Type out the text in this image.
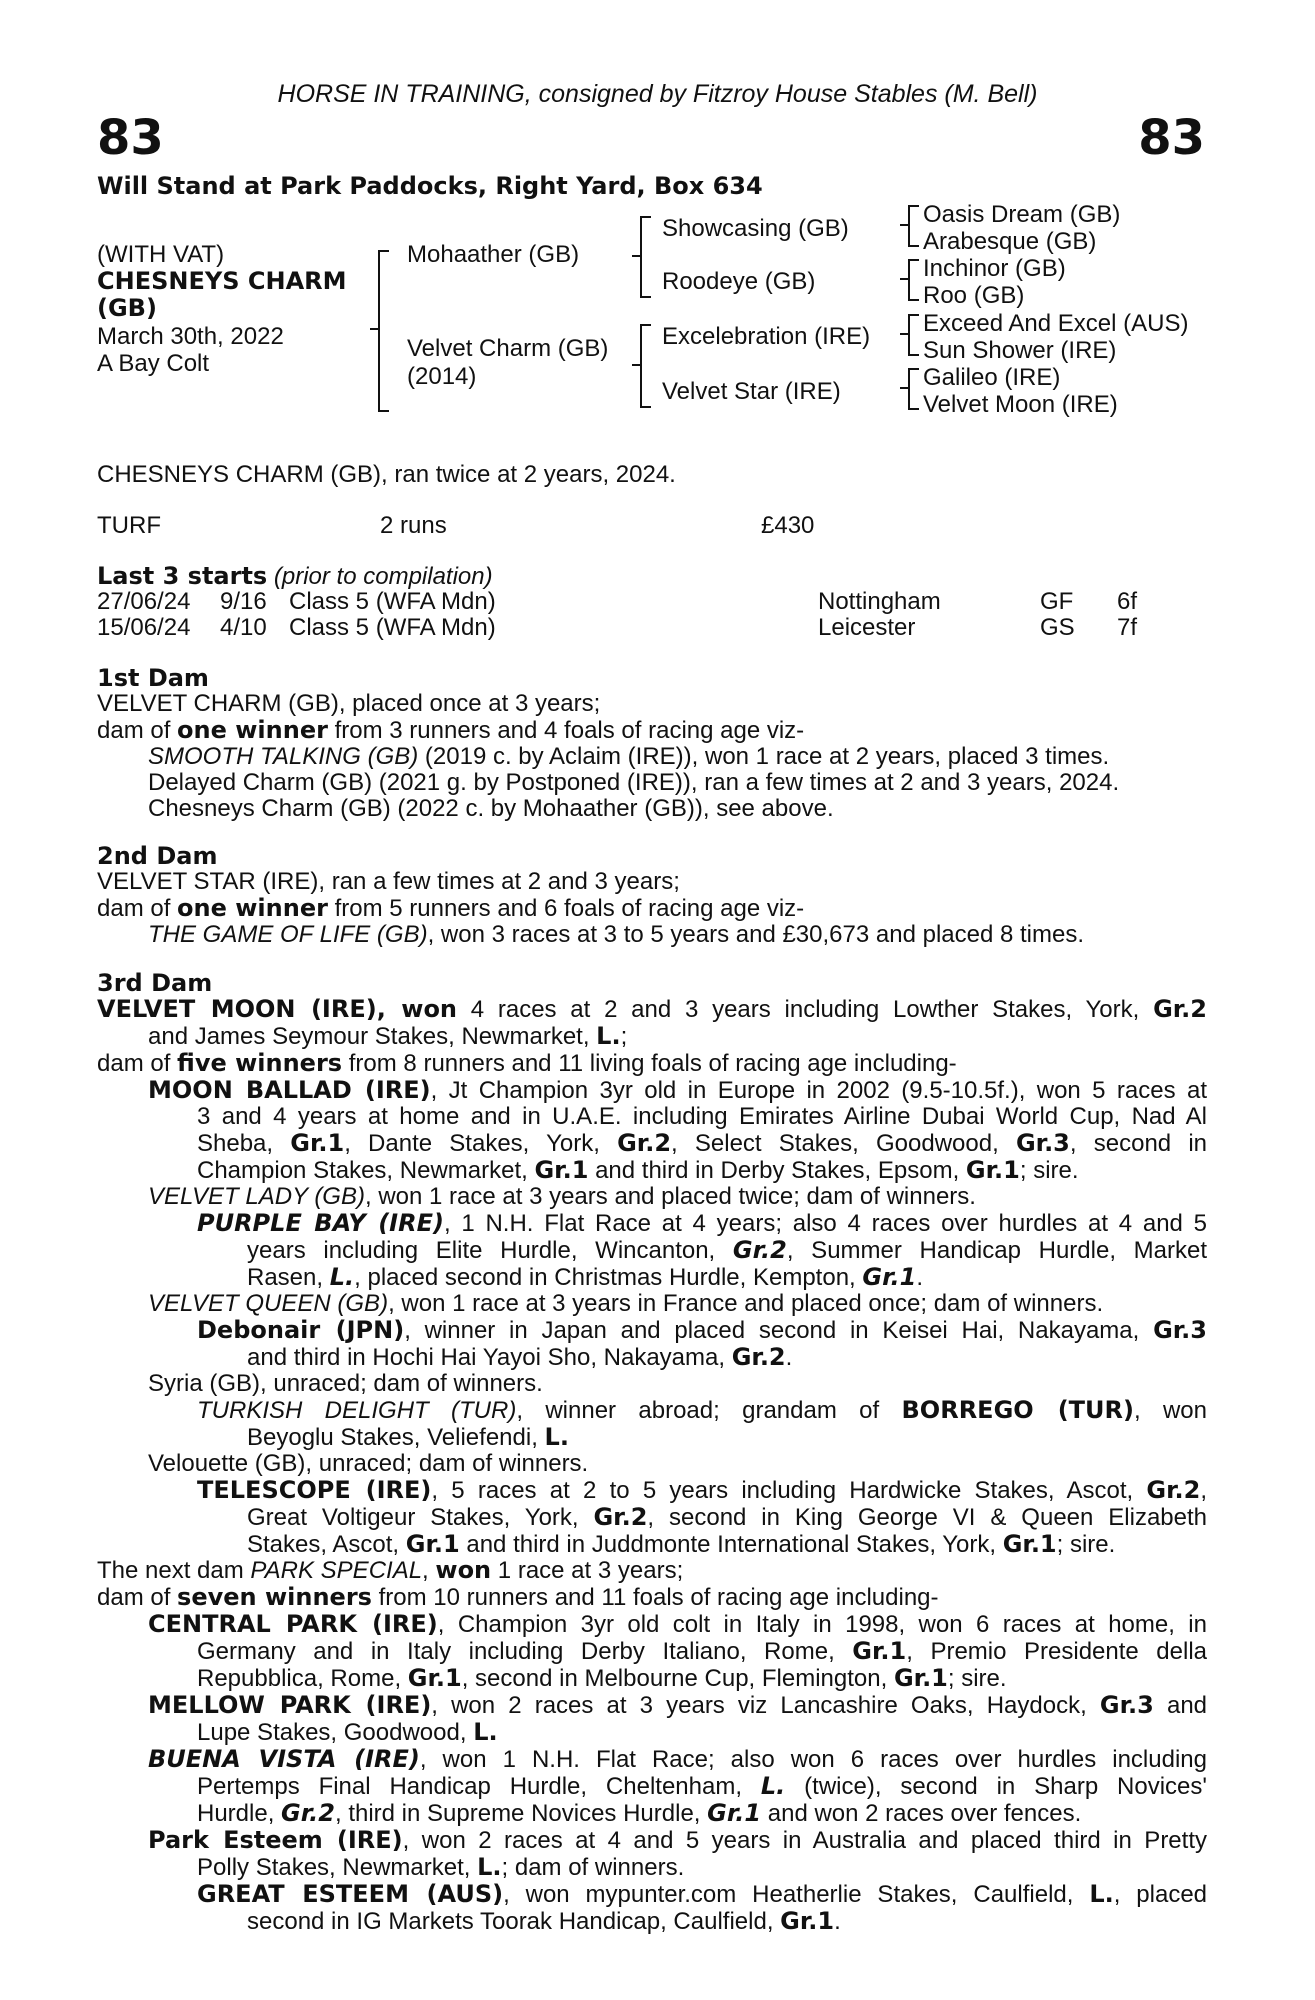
HORSE IN TRAINING, consigned by Fitzroy House Stables (M. Bell)
83	83
Will Stand at Park Paddocks, Right Yard, Box 634
(WITH VAT)
CHESNEYS CHARM
(GB)
March 30th, 2022
A Bay Colt
Mohaather (GB)
Velvet Charm (GB)
(2014)
Showcasing (GB)
Roodeye (GB)
Excelebration (IRE)
Velvet Star (IRE)
Oasis Dream (GB)
Arabesque (GB)
Inchinor (GB)
Roo (GB)
Exceed And Excel (AUS)
Sun Shower (IRE)
Galileo (IRE)
Velvet Moon (IRE)
CHESNEYS CHARM (GB), ran twice at 2 years, 2024.
TURF	2 runs	£430
Last 3 starts (prior to compilation)
27/06/24 9/16 Class 5 (WFA Mdn)	Nottingham	GF 6f
15/06/24 4/10 Class 5 (WFA Mdn)	Leicester	GS 7f
1st Dam
VELVET CHARM (GB), placed once at 3 years;
dam of one winner from 3 runners and 4 foals of racing age viz-
SMOOTH TALKING (GB) (2019 c. by Aclaim (IRE)), won 1 race at 2 years, placed 3 times.
Delayed Charm (GB) (2021 g. by Postponed (IRE)), ran a few times at 2 and 3 years, 2024.
Chesneys Charm (GB) (2022 c. by Mohaather (GB)), see above.
2nd Dam
VELVET STAR (IRE), ran a few times at 2 and 3 years;
dam of one winner from 5 runners and 6 foals of racing age viz-
THE GAME OF LIFE (GB), won 3 races at 3 to 5 years and £30,673 and placed 8 times.
3rd Dam
VELVET MOON (IRE), won 4 races at 2 and 3 years including Lowther Stakes, York, Gr.2
and James Seymour Stakes, Newmarket, L.;
dam of five winners from 8 runners and 11 living foals of racing age including-
MOON BALLAD (IRE), Jt Champion 3yr old in Europe in 2002 (9.5-10.5f.), won 5 races at
3 and 4 years at home and in U.A.E. including Emirates Airline Dubai World Cup, Nad Al
Sheba, Gr.1, Dante Stakes, York, Gr.2, Select Stakes, Goodwood, Gr.3, second in
Champion Stakes, Newmarket, Gr.1 and third in Derby Stakes, Epsom, Gr.1; sire.
VELVET LADY (GB), won 1 race at 3 years and placed twice; dam of winners.
PURPLE BAY (IRE), 1 N.H. Flat Race at 4 years; also 4 races over hurdles at 4 and 5
years including Elite Hurdle, Wincanton, Gr.2, Summer Handicap Hurdle, Market
Rasen, L., placed second in Christmas Hurdle, Kempton, Gr.1.
VELVET QUEEN (GB), won 1 race at 3 years in France and placed once; dam of winners.
Debonair (JPN), winner in Japan and placed second in Keisei Hai, Nakayama, Gr.3
and third in Hochi Hai Yayoi Sho, Nakayama, Gr.2.
Syria (GB), unraced; dam of winners.
TURKISH DELIGHT (TUR), winner abroad; grandam of BORREGO (TUR), won
Beyoglu Stakes, Veliefendi, L.
Velouette (GB), unraced; dam of winners.
TELESCOPE (IRE), 5 races at 2 to 5 years including Hardwicke Stakes, Ascot, Gr.2,
Great Voltigeur Stakes, York, Gr.2, second in King George VI & Queen Elizabeth
Stakes, Ascot, Gr.1 and third in Juddmonte International Stakes, York, Gr.1; sire.
The next dam PARK SPECIAL, won 1 race at 3 years;
dam of seven winners from 10 runners and 11 foals of racing age including-
CENTRAL PARK (IRE), Champion 3yr old colt in Italy in 1998, won 6 races at home, in
Germany and in Italy including Derby Italiano, Rome, Gr.1, Premio Presidente della
Repubblica, Rome, Gr.1, second in Melbourne Cup, Flemington, Gr.1; sire.
MELLOW PARK (IRE), won 2 races at 3 years viz Lancashire Oaks, Haydock, Gr.3 and
Lupe Stakes, Goodwood, L.
BUENA VISTA (IRE), won 1 N.H. Flat Race; also won 6 races over hurdles including
Pertemps Final Handicap Hurdle, Cheltenham, L. (twice), second in Sharp Novices'
Hurdle, Gr.2, third in Supreme Novices Hurdle, Gr.1 and won 2 races over fences.
Park Esteem (IRE), won 2 races at 4 and 5 years in Australia and placed third in Pretty
Polly Stakes, Newmarket, L.; dam of winners.
GREAT ESTEEM (AUS), won mypunter.com Heatherlie Stakes, Caulfield, L., placed
second in IG Markets Toorak Handicap, Caulfield, Gr.1.
